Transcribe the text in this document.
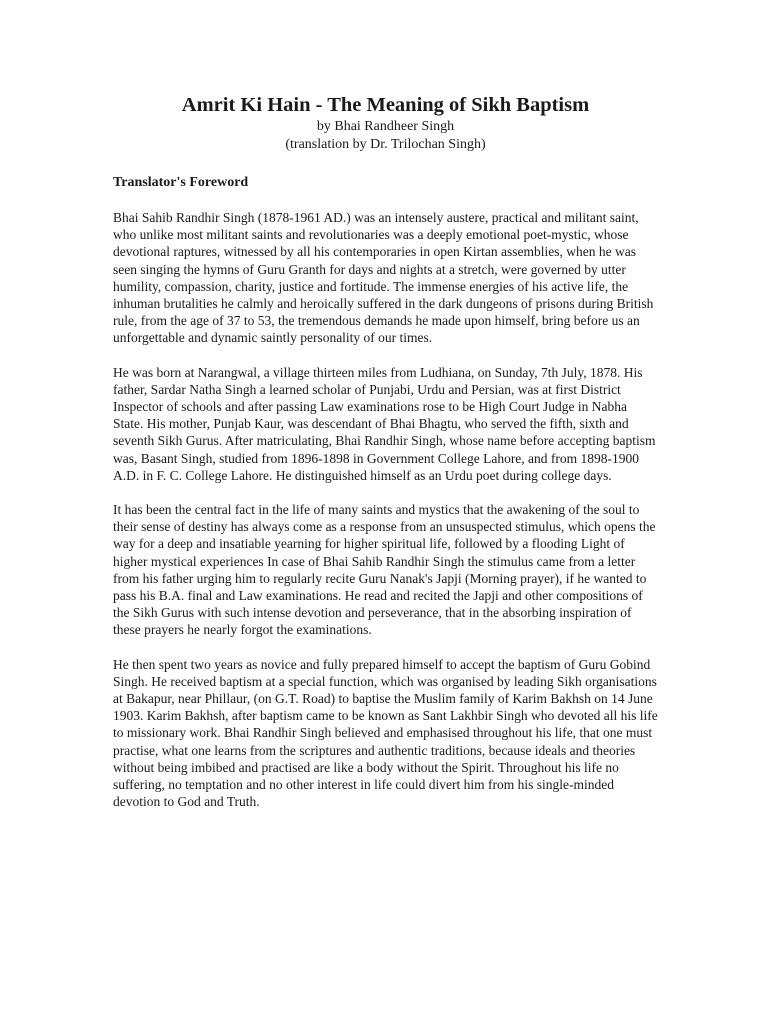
Amrit Ki Hain - The Meaning of Sikh Baptism
by Bhai Randheer Singh
(translation by Dr. Trilochan Singh)
Translator's Foreword

Bhai Sahib Randhir Singh (1878-1961 AD.) was an intensely austere, practical and militant saint, who unlike most militant saints and revolutionaries was a deeply emotional poet-mystic, whose devotional raptures, witnessed by all his contemporaries in open Kirtan assemblies, when he was seen singing the hymns of Guru Granth for days and nights at a stretch, were governed by utter humility, compassion, charity, justice and fortitude. The immense energies of his active life, the inhuman brutalities he calmly and heroically suffered in the dark dungeons of prisons during British rule, from the age of 37 to 53, the tremendous demands he made upon himself, bring before us an unforgettable and dynamic saintly personality of our times.

He was born at Narangwal, a village thirteen miles from Ludhiana, on Sunday, 7th July, 1878. His father, Sardar Natha Singh a learned scholar of Punjabi, Urdu and Persian, was at first District Inspector of schools and after passing Law examinations rose to be High Court Judge in Nabha State. His mother, Punjab Kaur, was descendant of Bhai Bhagtu, who served the fifth, sixth and seventh Sikh Gurus. After matriculating, Bhai Randhir Singh, whose name before accepting baptism was, Basant Singh, studied from 1896-1898 in Government College Lahore, and from 1898-1900 A.D. in F. C. College Lahore. He distinguished himself as an Urdu poet during college days.

It has been the central fact in the life of many saints and mystics that the awakening of the soul to their sense of destiny has always come as a response from an unsuspected stimulus, which opens the way for a deep and insatiable yearning for higher spiritual life, followed by a flooding Light of higher mystical experiences In case of Bhai Sahib Randhir Singh the stimulus came from a letter from his father urging him to regularly recite Guru Nanak's Japji (Morning prayer), if he wanted to pass his B.A. final and Law examinations. He read and recited the Japji and other compositions of the Sikh Gurus with such intense devotion and perseverance, that in the absorbing inspiration of these prayers he nearly forgot the examinations.

He then spent two years as novice and fully prepared himself to accept the baptism of Guru Gobind Singh. He received baptism at a special function, which was organised by leading Sikh organisations at Bakapur, near Phillaur, (on G.T. Road) to baptise the Muslim family of Karim Bakhsh on 14 June 1903. Karim Bakhsh, after baptism came to be known as Sant Lakhbir Singh who devoted all his life to missionary work. Bhai Randhir Singh believed and emphasised throughout his life, that one must practise, what one learns from the scriptures and authentic traditions, because ideals and theories without being imbibed and practised are like a body without the Spirit. Throughout his life no suffering, no temptation and no other interest in life could divert him from his single-minded devotion to God and Truth.
